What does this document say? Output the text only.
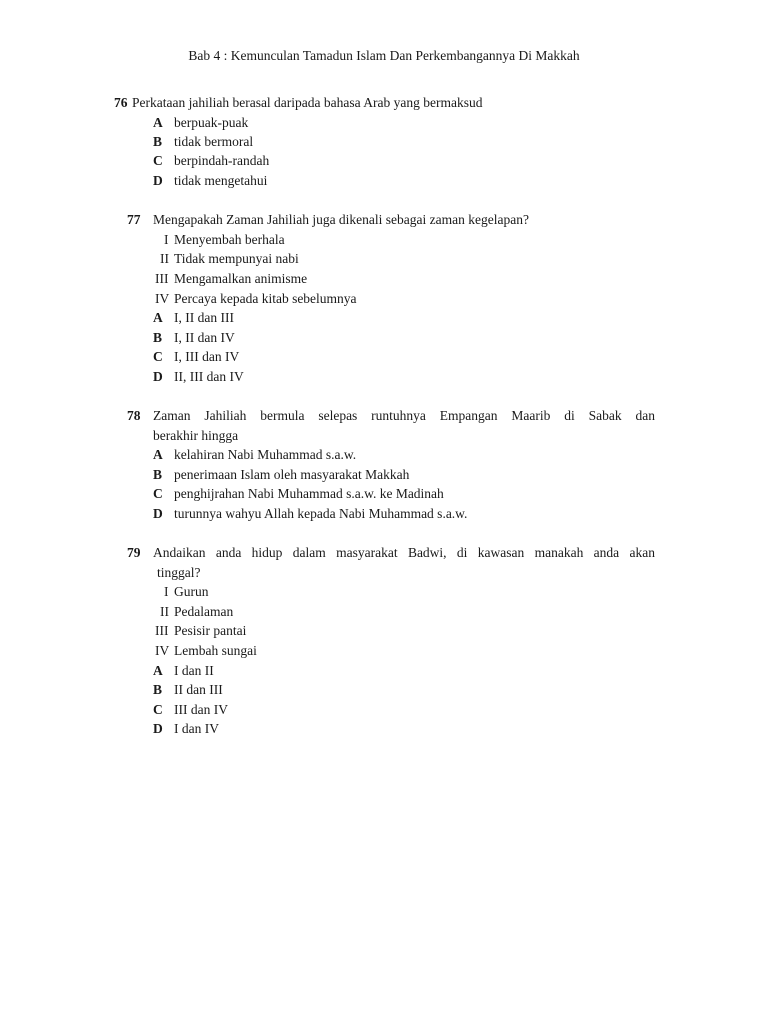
Bab 4 : Kemunculan Tamadun Islam Dan Perkembangannya Di Makkah
76 Perkataan jahiliah berasal daripada bahasa Arab yang bermaksud
A berpuak-puak
B tidak bermoral
C berpindah-randah
D tidak mengetahui
77 Mengapakah Zaman Jahiliah juga dikenali sebagai zaman kegelapan?
I Menyembah berhala
II Tidak mempunyai nabi
III Mengamalkan animisme
IV Percaya kepada kitab sebelumnya
A I, II dan III
B I, II dan IV
C I, III dan IV
D II, III dan IV
78 Zaman Jahiliah bermula selepas runtuhnya Empangan Maarib di Sabak dan
berakhir hingga
A kelahiran Nabi Muhammad s.a.w.
B penerimaan Islam oleh masyarakat Makkah
C penghijrahan Nabi Muhammad s.a.w. ke Madinah
D turunnya wahyu Allah kepada Nabi Muhammad s.a.w.
79 Andaikan anda hidup dalam masyarakat Badwi, di kawasan manakah anda akan
tinggal?
I Gurun
II Pedalaman
III Pesisir pantai
IV Lembah sungai
A I dan II
B II dan III
C III dan IV
D I dan IV
